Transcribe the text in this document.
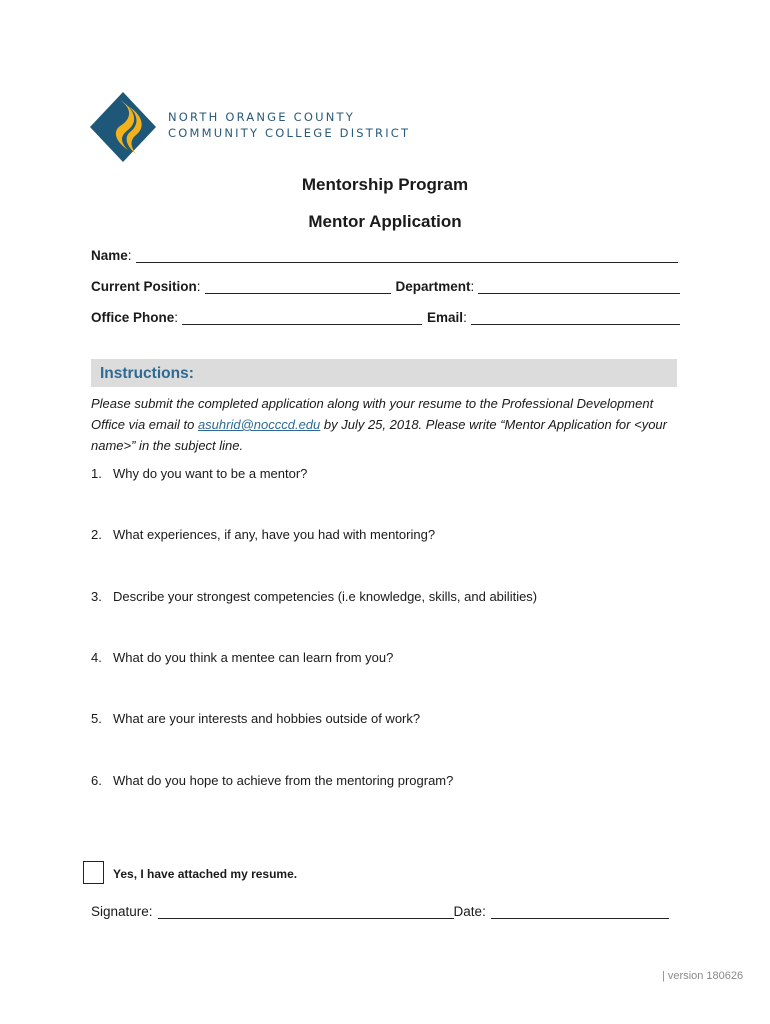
NORTH ORANGE COUNTY
COMMUNITY COLLEGE DISTRICT
Mentorship Program
Mentor Application
Name :
Current Position :	Department :
Office Phone :	Email :
Instructions:
Please submit the completed application along with your resume to the Professional Development Office via email to asuhrid@nocccd.edu by July 25, 2018. Please write “Mentor Application for <your name>” in the subject line.
1. Why do you want to be a mentor?
2. What experiences, if any, have you had with mentoring?
3. Describe your strongest competencies (i.e knowledge, skills, and abilities)
4. What do you think a mentee can learn from you?
5. What are your interests and hobbies outside of work?
6. What do you hope to achieve from the mentoring program?
Yes, I have attached my resume.
Signature:	Date:
| version 180626
